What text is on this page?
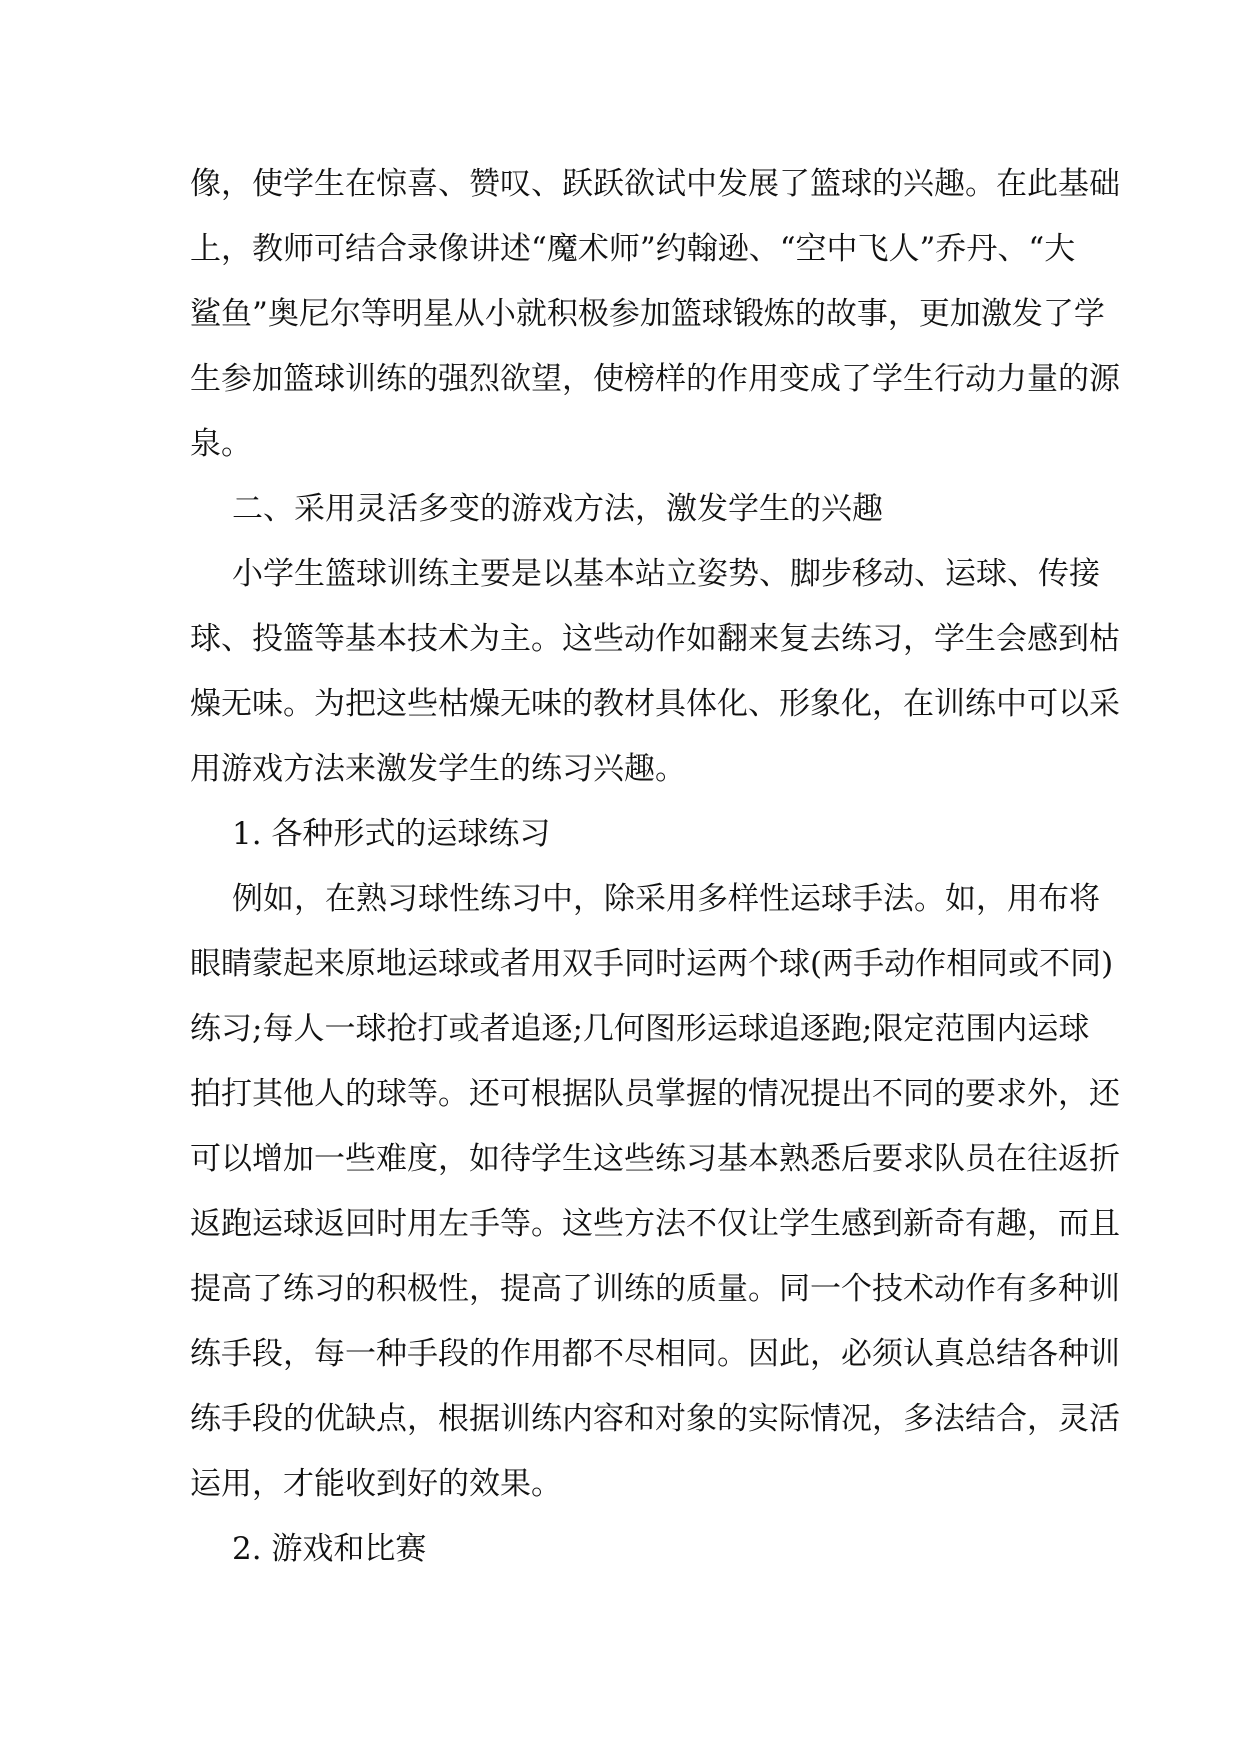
像，使学生在惊喜、赞叹、跃跃欲试中发展了篮球的兴趣。在此基础
上，教师可结合录像讲述“魔术师”约翰逊、“空中飞人”乔丹、“大
鲨鱼”奥尼尔等明星从小就积极参加篮球锻炼的故事，更加激发了学
生参加篮球训练的强烈欲望，使榜样的作用变成了学生行动力量的源
泉。
二、采用灵活多变的游戏方法，激发学生的兴趣
小学生篮球训练主要是以基本站立姿势、脚步移动、运球、传接
球、投篮等基本技术为主。这些动作如翻来复去练习，学生会感到枯
燥无味。为把这些枯燥无味的教材具体化、形象化，在训练中可以采
用游戏方法来激发学生的练习兴趣。
1. 各种形式的运球练习
例如，在熟习球性练习中，除采用多样性运球手法。如，用布将
眼睛蒙起来原地运球或者用双手同时运两个球(两手动作相同或不同)
练习;每人一球抢打或者追逐;几何图形运球追逐跑;限定范围内运球
拍打其他人的球等。还可根据队员掌握的情况提出不同的要求外，还
可以增加一些难度，如待学生这些练习基本熟悉后要求队员在往返折
返跑运球返回时用左手等。这些方法不仅让学生感到新奇有趣，而且
提高了练习的积极性，提高了训练的质量。同一个技术动作有多种训
练手段，每一种手段的作用都不尽相同。因此，必须认真总结各种训
练手段的优缺点，根据训练内容和对象的实际情况，多法结合，灵活
运用，才能收到好的效果。
2. 游戏和比赛
